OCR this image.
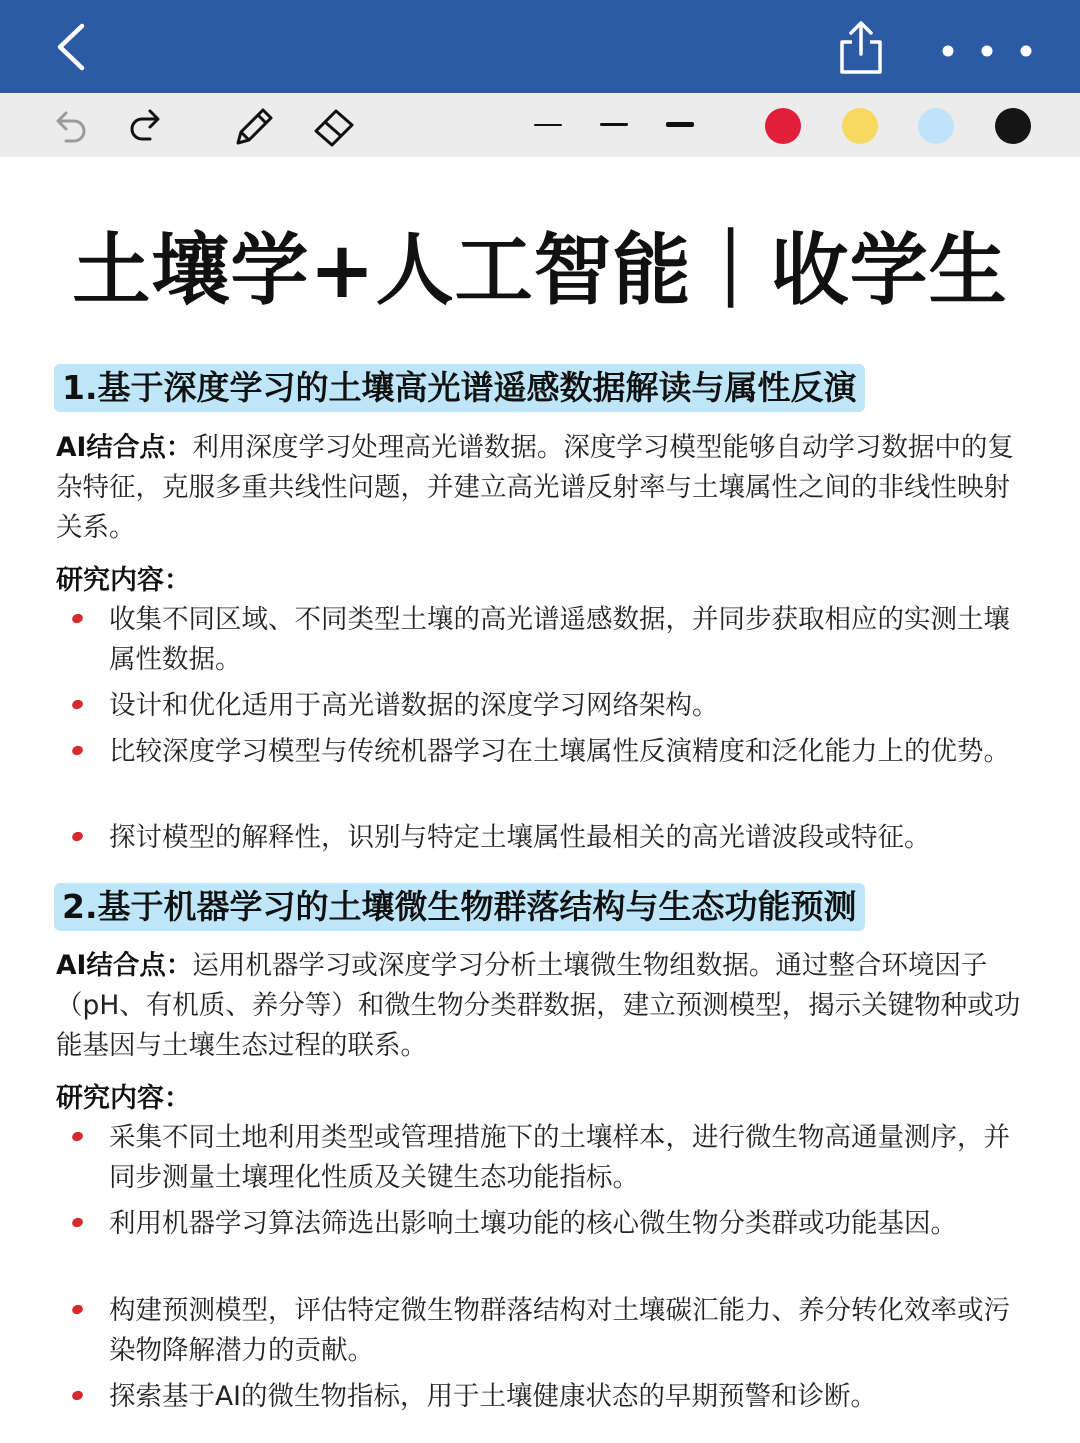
土壤学+人工智能｜收学生
1.基于深度学习的土壤高光谱遥感数据解读与属性反演
AI结合点：利用深度学习处理高光谱数据。深度学习模型能够自动学习数据中的复杂特征，克服多重共线性问题，并建立高光谱反射率与土壤属性之间的非线性映射关系。
研究内容：
收集不同区域、不同类型土壤的高光谱遥感数据，并同步获取相应的实测土壤属性数据。
设计和优化适用于高光谱数据的深度学习网络架构。
比较深度学习模型与传统机器学习在土壤属性反演精度和泛化能力上的优势。
探讨模型的解释性，识别与特定土壤属性最相关的高光谱波段或特征。
2.基于机器学习的土壤微生物群落结构与生态功能预测
AI结合点：运用机器学习或深度学习分析土壤微生物组数据。通过整合环境因子（pH、有机质、养分等）和微生物分类群数据，建立预测模型，揭示关键物种或功能基因与土壤生态过程的联系。
研究内容：
采集不同土地利用类型或管理措施下的土壤样本，进行微生物高通量测序，并同步测量土壤理化性质及关键生态功能指标。
利用机器学习算法筛选出影响土壤功能的核心微生物分类群或功能基因。
构建预测模型，评估特定微生物群落结构对土壤碳汇能力、养分转化效率或污染物降解潜力的贡献。
探索基于AI的微生物指标，用于土壤健康状态的早期预警和诊断。
